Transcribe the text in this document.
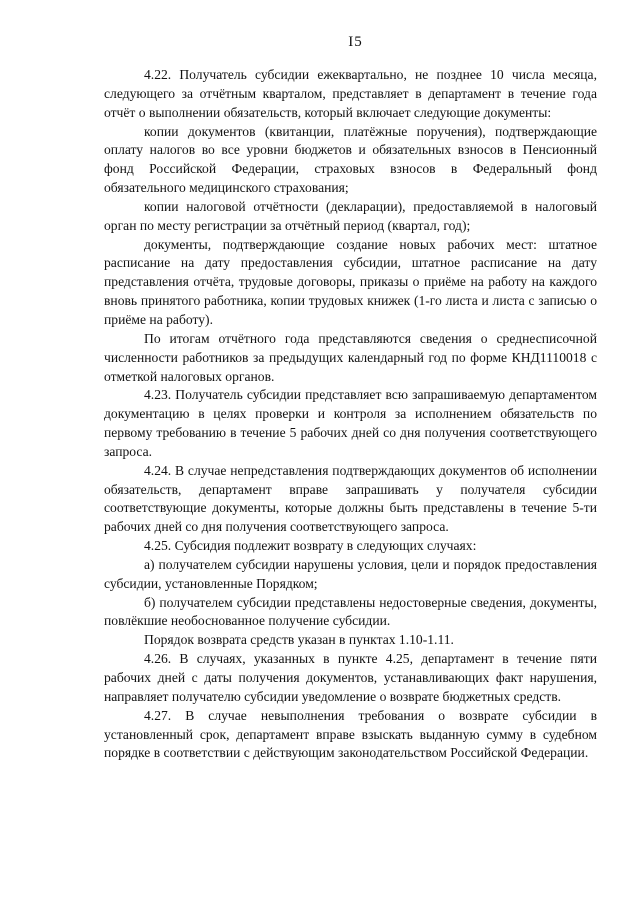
I5

4.22. Получатель субсидии ежеквартально, не позднее 10 числа месяца, следующего за отчётным кварталом, представляет в департамент в течение года отчёт о выполнении обязательств, который включает следующие документы:

копии документов (квитанции, платёжные поручения), подтверждающие оплату налогов во все уровни бюджетов и обязательных взносов в Пенсионный фонд Российской Федерации, страховых взносов в Федеральный фонд обязательного медицинского страхования;

копии налоговой отчётности (декларации), предоставляемой в налоговый орган по месту регистрации за отчётный период (квартал, год);

документы, подтверждающие создание новых рабочих мест: штатное расписание на дату предоставления субсидии, штатное расписание на дату представления отчёта, трудовые договоры, приказы о приёме на работу на каждого вновь принятого работника, копии трудовых книжек (1-го листа и листа с записью о приёме на работу).

По итогам отчётного года представляются сведения о среднесписочной численности работников за предыдущих календарный год по форме КНД1110018 с отметкой налоговых органов.

4.23. Получатель субсидии представляет всю запрашиваемую департаментом документацию в целях проверки и контроля за исполнением обязательств по первому требованию в течение 5 рабочих дней со дня получения соответствующего запроса.

4.24. В случае непредставления подтверждающих документов об исполнении обязательств, департамент вправе запрашивать у получателя субсидии соответствующие документы, которые должны быть представлены в течение 5-ти рабочих дней со дня получения соответствующего запроса.

4.25. Субсидия подлежит возврату в следующих случаях:

а) получателем субсидии нарушены условия, цели и порядок предоставления субсидии, установленные Порядком;

б) получателем субсидии представлены недостоверные сведения, документы, повлёкшие необоснованное получение субсидии.

Порядок возврата средств указан в пунктах 1.10-1.11.

4.26. В случаях, указанных в пункте 4.25, департамент в течение пяти рабочих дней с даты получения документов, устанавливающих факт нарушения, направляет получателю субсидии уведомление о возврате бюджетных средств.

4.27. В случае невыполнения требования о возврате субсидии в установленный срок, департамент вправе взыскать выданную сумму в судебном порядке в соответствии с действующим законодательством Российской Федерации.
